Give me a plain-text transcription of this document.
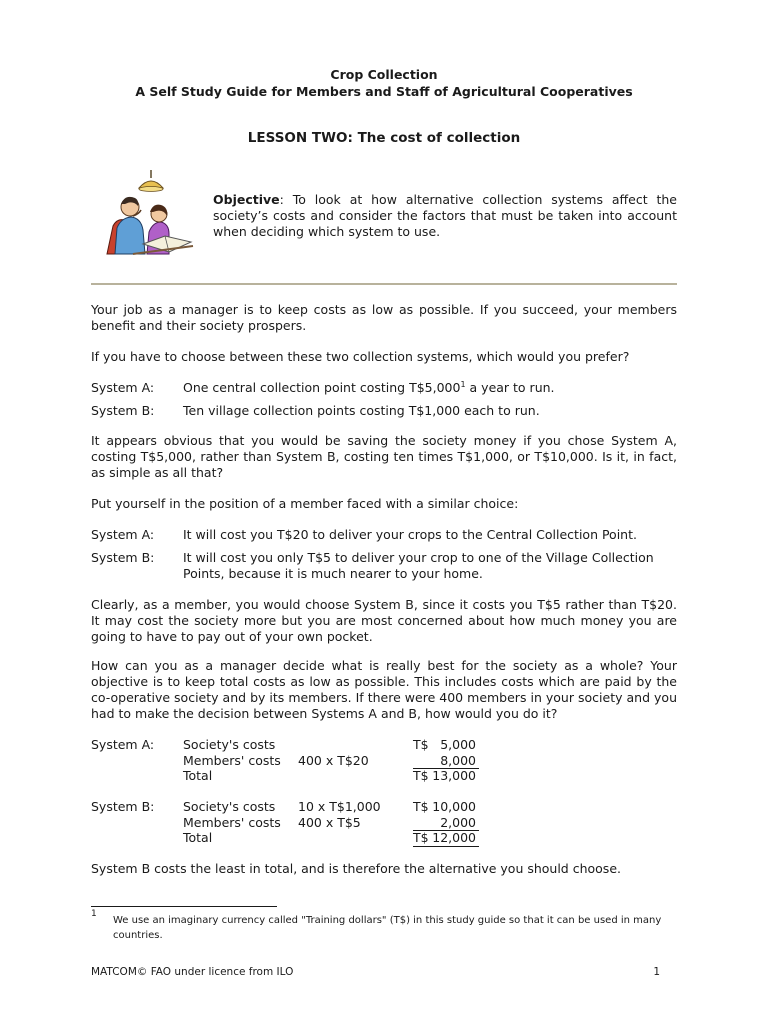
Crop Collection
A Self Study Guide for Members and Staff of Agricultural Cooperatives
LESSON TWO: The cost of collection
Objective: To look at how alternative collection systems affect the society’s costs and consider the factors that must be taken into account when deciding which system to use.
Your job as a manager is to keep costs as low as possible. If you succeed, your members benefit and their society prospers.
If you have to choose between these two collection systems, which would you prefer?
System A: One central collection point costing T$5,000$^1$ a year to run.
System B: Ten village collection points costing T$1,000 each to run.
It appears obvious that you would be saving the society money if you chose System A, costing T$5,000, rather than System B, costing ten times T$1,000, or T$10,000. Is it, in fact, as simple as all that?
Put yourself in the position of a member faced with a similar choice:
System A: It will cost you T$20 to deliver your crops to the Central Collection Point.
System B: It will cost you only T$5 to deliver your crop to one of the Village Collection Points, because it is much nearer to your home.
Clearly, as a member, you would choose System B, since it costs you T$5 rather than T$20. It may cost the society more but you are most concerned about how much money you are going to have to pay out of your own pocket.
How can you as a manager decide what is really best for the society as a whole? Your objective is to keep total costs as low as possible. This includes costs which are paid by the co-operative society and by its members. If there were 400 members in your society and you had to make the decision between Systems A and B, how would you do it?
System A: Society's costs	T$ 5,000
Members' costs 400 x T$20	8,000
Total	T$ 13,000
System B: Society's costs 10 x T$1,000	T$ 10,000
Members' costs 400 x T$5	2,000
Total	T$ 12,000
System B costs the least in total, and is therefore the alternative you should choose.
1
We use an imaginary currency called "Training dollars" (T$) in this study guide so that it can be used in many countries.
MATCOM© FAO under licence from ILO	1
